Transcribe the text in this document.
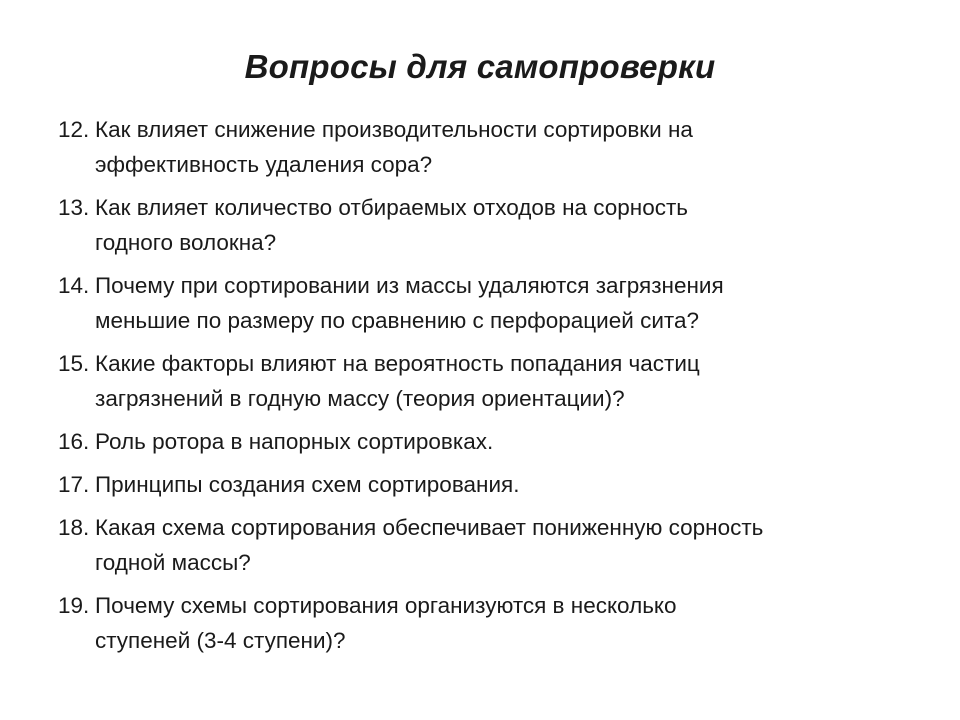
Вопросы для самопроверки
12. Как влияет снижение производительности сортировки на
эффективность удаления сора?
13. Как влияет количество отбираемых отходов на сорность
годного волокна?
14. Почему при сортировании из массы удаляются загрязнения
меньшие по размеру по сравнению с перфорацией сита?
15. Какие факторы влияют на вероятность попадания частиц
загрязнений в годную массу (теория ориентации)?
16. Роль ротора в напорных сортировках.
17. Принципы создания схем сортирования.
18. Какая схема сортирования обеспечивает пониженную сорность
годной массы?
19. Почему схемы сортирования организуются в несколько
ступеней (3-4 ступени)?
